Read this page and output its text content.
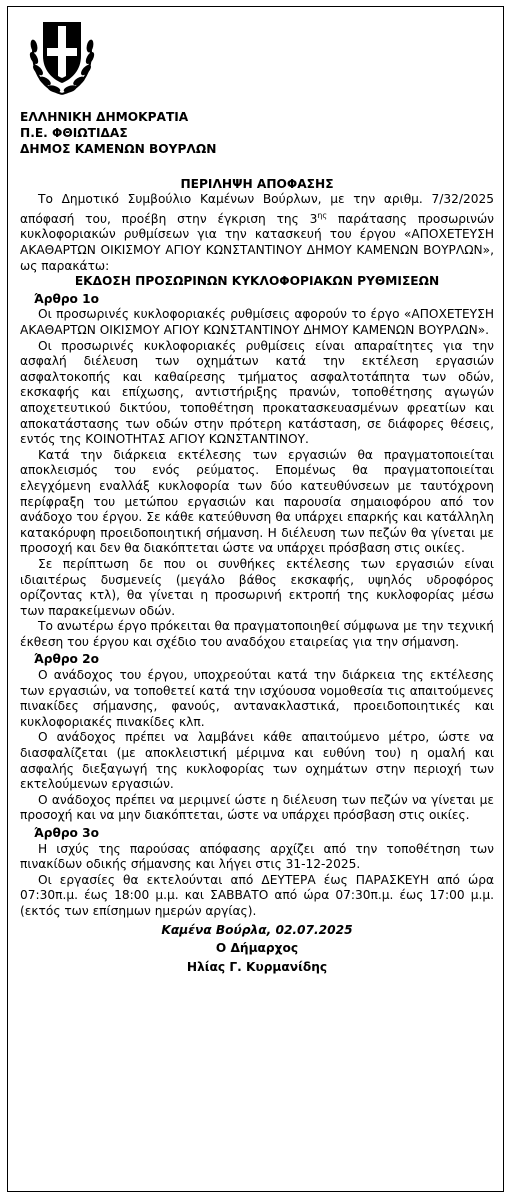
ΕΛΛΗΝΙΚΗ ΔΗΜΟΚΡΑΤΙΑ
Π.Ε. ΦΘΙΩΤΙΔΑΣ
ΔΗΜΟΣ ΚΑΜΕΝΩΝ ΒΟΥΡΛΩΝ
ΠΕΡΙΛΗΨΗ ΑΠΟΦΑΣΗΣ

Το Δημοτικό Συμβούλιο Καμένων Βούρλων, με την αριθμ. 7/32/2025 απόφασή του, προέβη στην έγκριση της $3^{\eta\varsigma}$ παράτασης προσωρινών κυκλοφοριακών ρυθμίσεων για την κατασκευή του έργου «ΑΠΟΧΕΤΕΥΣΗ ΑΚΑΘΑΡΤΩΝ ΟΙΚΙΣΜΟΥ ΑΓΙΟΥ ΚΩΝΣΤΑΝΤΙΝΟΥ ΔΗΜΟΥ ΚΑΜΕΝΩΝ ΒΟΥΡΛΩΝ», ως παρακάτω:

ΕΚΔΟΣΗ ΠΡΟΣΩΡΙΝΩΝ ΚΥΚΛΟΦΟΡΙΑΚΩΝ ΡΥΘΜΙΣΕΩΝ
Άρθρο 1ο

Οι προσωρινές κυκλοφοριακές ρυθμίσεις αφορούν το έργο «ΑΠΟΧΕΤΕΥΣΗ ΑΚΑΘΑΡΤΩΝ ΟΙΚΙΣΜΟΥ ΑΓΙΟΥ ΚΩΝΣΤΑΝΤΙΝΟΥ ΔΗΜΟΥ ΚΑΜΕΝΩΝ ΒΟΥΡΛΩΝ».

Οι προσωρινές κυκλοφοριακές ρυθμίσεις είναι απαραίτητες για την ασφαλή διέλευση των οχημάτων κατά την εκτέλεση εργασιών ασφαλτοκοπής και καθαίρεσης τμήματος ασφαλτοτάπητα των οδών, εκσκαφής και επίχωσης, αντιστήριξης πρανών, τοποθέτησης αγωγών αποχετευτικού δικτύου, τοποθέτηση προκατασκευασμένων φρεατίων και αποκατάστασης των οδών στην πρότερη κατάσταση, σε διάφορες θέσεις, εντός της ΚΟΙΝΟΤΗΤΑΣ ΑΓΙΟΥ ΚΩΝΣΤΑΝΤΙΝΟΥ.

Κατά την διάρκεια εκτέλεσης των εργασιών θα πραγματοποιείται αποκλεισμός του ενός ρεύματος. Επομένως θα πραγματοποιείται ελεγχόμενη εναλλάξ κυκλοφορία των δύο κατευθύνσεων με ταυτόχρονη περίφραξη του μετώπου εργασιών και παρουσία σημαιοφόρου από τον ανάδοχο του έργου. Σε κάθε κατεύθυνση θα υπάρχει επαρκής και κατάλληλη κατακόρυφη προειδοποιητική σήμανση. Η διέλευση των πεζών θα γίνεται με προσοχή και δεν θα διακόπτεται ώστε να υπάρχει πρόσβαση στις οικίες.

Σε περίπτωση δε που οι συνθήκες εκτέλεσης των εργασιών είναι ιδιαιτέρως δυσμενείς (μεγάλο βάθος εκσκαφής, υψηλός υδροφόρος ορίζοντας κτλ), θα γίνεται η προσωρινή εκτροπή της κυκλοφορίας μέσω των παρακείμενων οδών.

Το ανωτέρω έργο πρόκειται θα πραγματοποιηθεί σύμφωνα με την τεχνική έκθεση του έργου και σχέδιο του αναδόχου εταιρείας για την σήμανση.

Άρθρο 2ο

Ο ανάδοχος του έργου, υποχρεούται κατά την διάρκεια της εκτέλεσης των εργασιών, να τοποθετεί κατά την ισχύουσα νομοθεσία τις απαιτούμενες πινακίδες σήμανσης, φανούς, αντανακλαστικά, προειδοποιητικές και κυκλοφοριακές πινακίδες κλπ.

Ο ανάδοχος πρέπει να λαμβάνει κάθε απαιτούμενο μέτρο, ώστε να διασφαλίζεται (με αποκλειστική μέριμνα και ευθύνη του) η ομαλή και ασφαλής διεξαγωγή της κυκλοφορίας των οχημάτων στην περιοχή των εκτελούμενων εργασιών.

Ο ανάδοχος πρέπει να μεριμνεί ώστε η διέλευση των πεζών να γίνεται με προσοχή και να μην διακόπτεται, ώστε να υπάρχει πρόσβαση στις οικίες.

Άρθρο 3ο

Η ισχύς της παρούσας απόφασης αρχίζει από την τοποθέτηση των πινακίδων οδικής σήμανσης και λήγει στις 31-12-2025.

Οι εργασίες θα εκτελούνται από ΔΕΥΤΕΡΑ έως ΠΑΡΑΣΚΕΥΗ από ώρα 07:30π.μ. έως 18:00 μ.μ. και ΣΑΒΒΑΤΟ από ώρα 07:30π.μ. έως 17:00 μ.μ. (εκτός των επίσημων ημερών αργίας).

Καμένα Βούρλα, 02.07.2025
Ο Δήμαρχος
Ηλίας Γ. Κυρμανίδης
